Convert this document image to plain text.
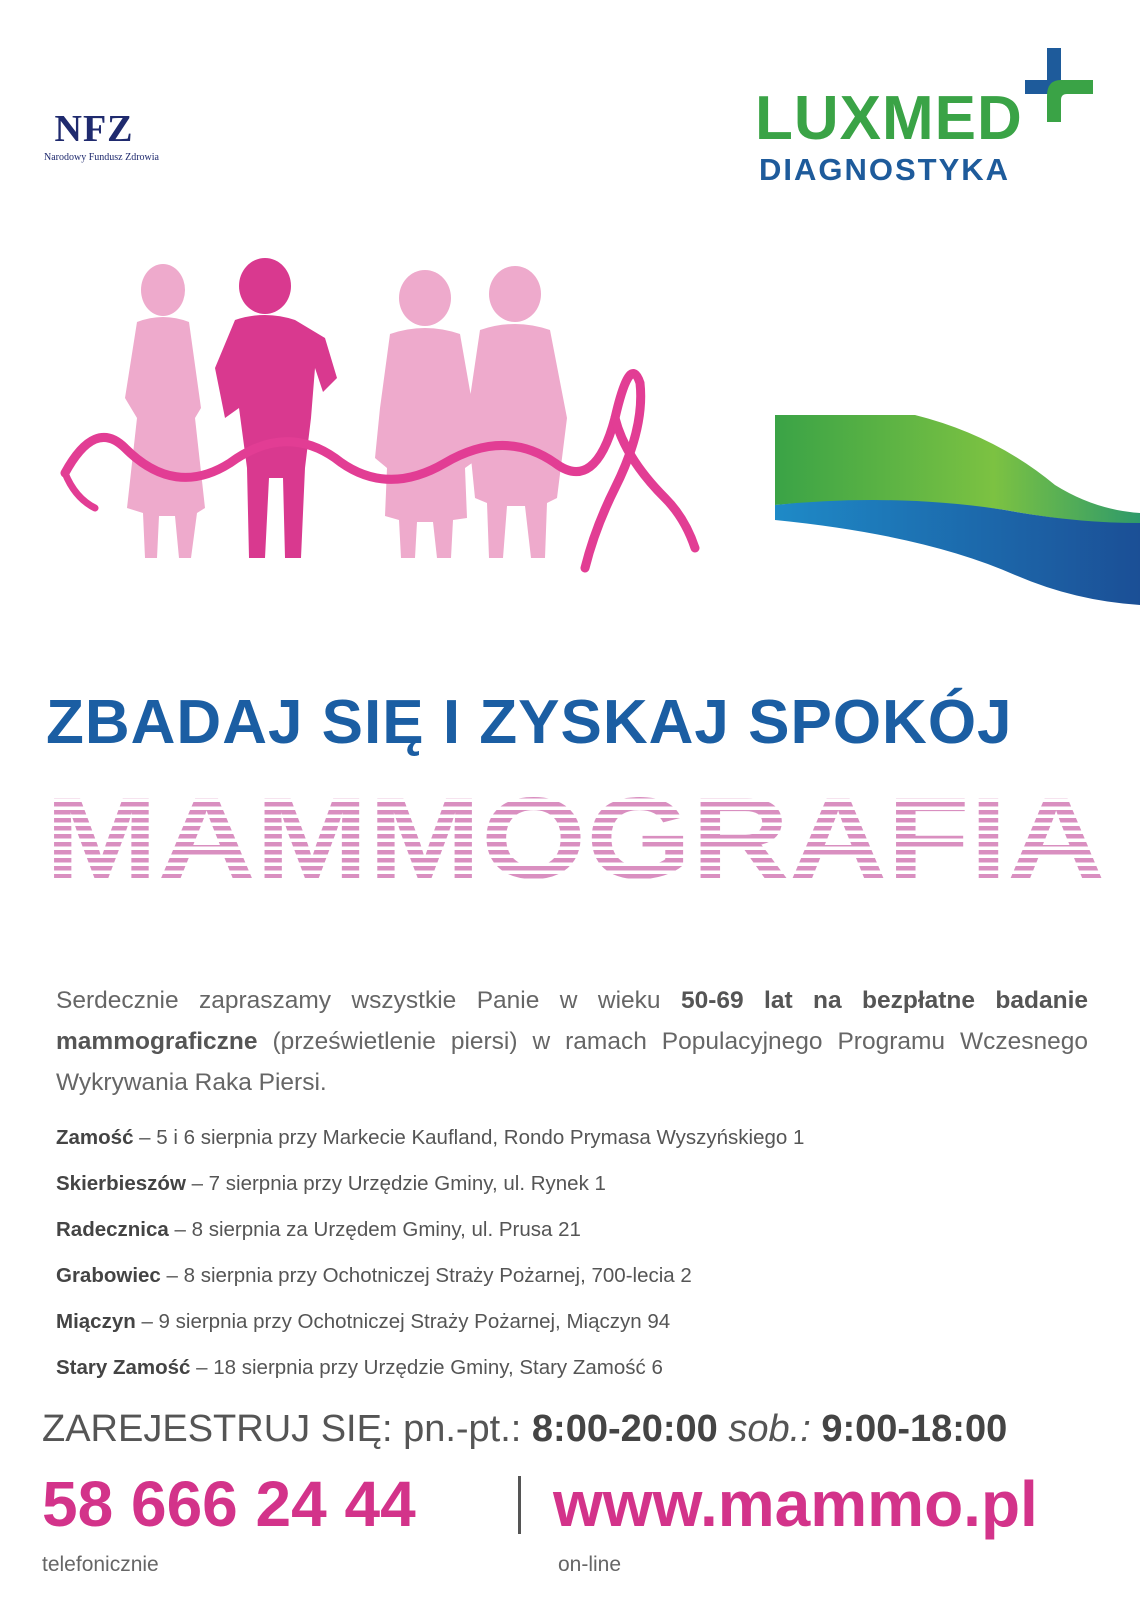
NFZ
Narodowy Fundusz Zdrowia
LUXMED
DIAGNOSTYKA
ZBADAJ SIĘ I ZYSKAJ SPOKÓJ
MAMMOGRAFIA
Serdecznie zapraszamy wszystkie Panie w wieku 50-69 lat na bezpłatne badanie mammograficzne (prześwietlenie piersi) w ramach Populacyjnego Programu Wczesnego Wykrywania Raka Piersi.
Zamość – 5 i 6 sierpnia przy Markecie Kaufland, Rondo Prymasa Wyszyńskiego 1
Skierbieszów – 7 sierpnia przy Urzędzie Gminy, ul. Rynek 1
Radecznica – 8 sierpnia za Urzędem Gminy, ul. Prusa 21
Grabowiec – 8 sierpnia przy Ochotniczej Straży Pożarnej, 700-lecia 2
Miączyn – 9 sierpnia przy Ochotniczej Straży Pożarnej, Miączyn 94
Stary Zamość – 18 sierpnia przy Urzędzie Gminy, Stary Zamość 6
ZAREJESTRUJ SIĘ: pn.-pt.: 8:00-20:00 sob.: 9:00-18:00
58 666 24 44 www.mammo.pl
telefonicznie	on-line
